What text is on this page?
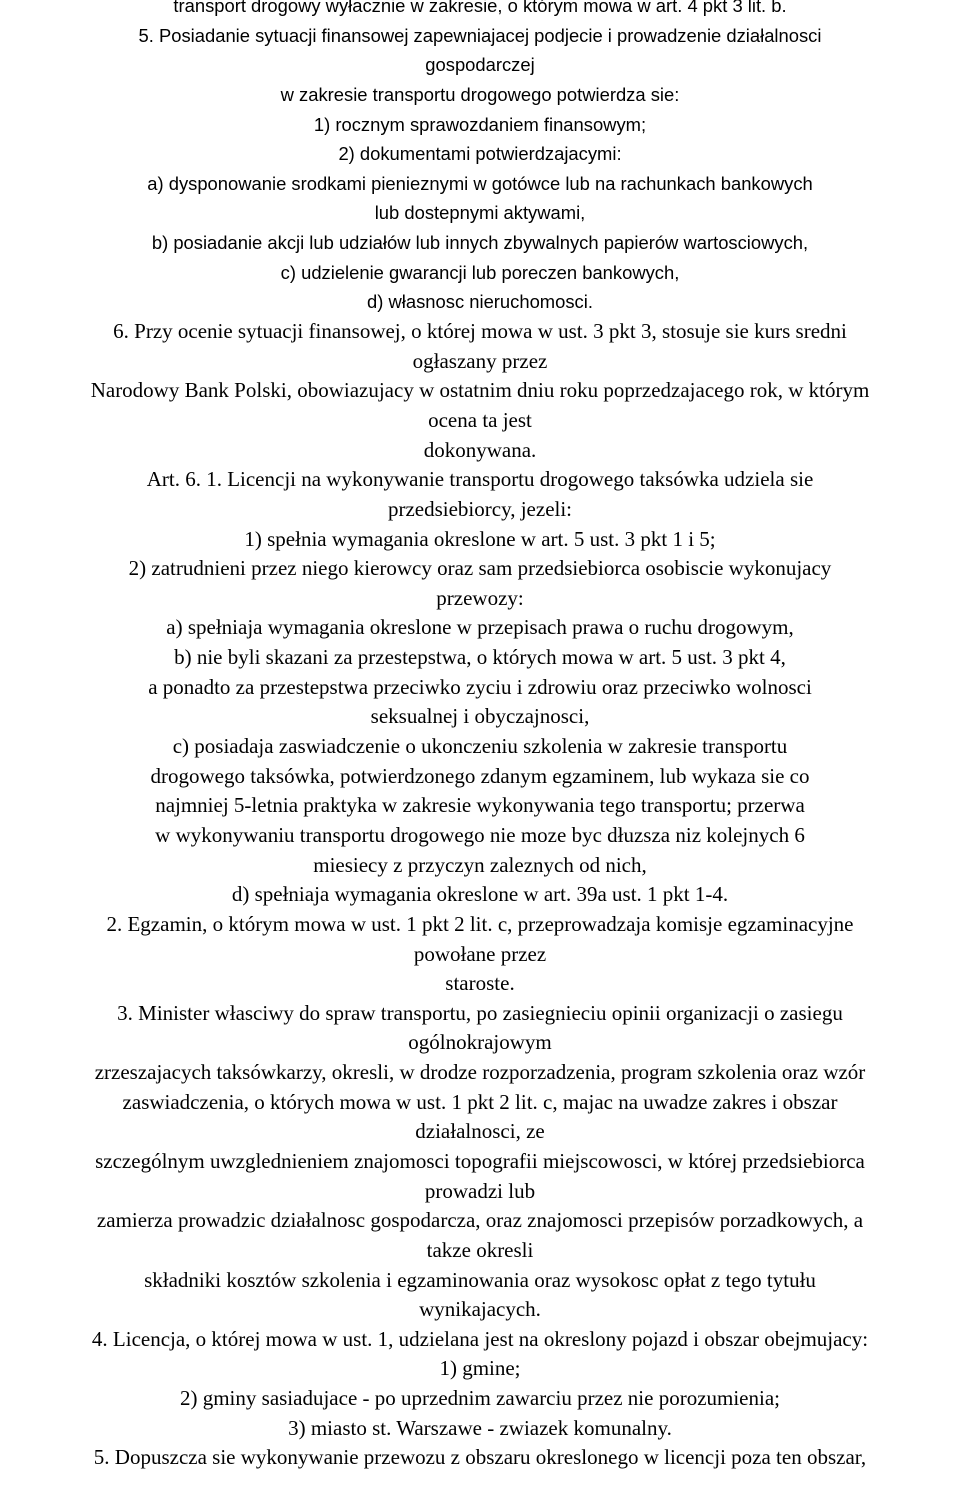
transport drogowy wyłacznie w zakresie, o którym mowa w art. 4 pkt 3 lit. b.
5. Posiadanie sytuacji finansowej zapewniajacej podjecie i prowadzenie działalnosci
gospodarczej
w zakresie transportu drogowego potwierdza sie:
1) rocznym sprawozdaniem finansowym;
2) dokumentami potwierdzajacymi:
a) dysponowanie srodkami pienieznymi w gotówce lub na rachunkach bankowych
lub dostepnymi aktywami,
b) posiadanie akcji lub udziałów lub innych zbywalnych papierów wartosciowych,
c) udzielenie gwarancji lub poreczen bankowych,
d) własnosc nieruchomosci.
6. Przy ocenie sytuacji finansowej, o której mowa w ust. 3 pkt 3, stosuje sie kurs sredni
ogłaszany przez
Narodowy Bank Polski, obowiazujacy w ostatnim dniu roku poprzedzajacego rok, w którym
ocena ta jest
dokonywana.
Art. 6. 1. Licencji na wykonywanie transportu drogowego taksówka udziela sie
przedsiebiorcy, jezeli:
1) spełnia wymagania okreslone w art. 5 ust. 3 pkt 1 i 5;
2) zatrudnieni przez niego kierowcy oraz sam przedsiebiorca osobiscie wykonujacy
przewozy:
a) spełniaja wymagania okreslone w przepisach prawa o ruchu drogowym,
b) nie byli skazani za przestepstwa, o których mowa w art. 5 ust. 3 pkt 4,
a ponadto za przestepstwa przeciwko zyciu i zdrowiu oraz przeciwko wolnosci
seksualnej i obyczajnosci,
c) posiadaja zaswiadczenie o ukonczeniu szkolenia w zakresie transportu
drogowego taksówka, potwierdzonego zdanym egzaminem, lub wykaza sie co
najmniej 5-letnia praktyka w zakresie wykonywania tego transportu; przerwa
w wykonywaniu transportu drogowego nie moze byc dłuzsza niz kolejnych 6
miesiecy z przyczyn zaleznych od nich,
d) spełniaja wymagania okreslone w art. 39a ust. 1 pkt 1-4.
2. Egzamin, o którym mowa w ust. 1 pkt 2 lit. c, przeprowadzaja komisje egzaminacyjne
powołane przez
staroste.
3. Minister własciwy do spraw transportu, po zasiegnieciu opinii organizacji o zasiegu
ogólnokrajowym
zrzeszajacych taksówkarzy, okresli, w drodze rozporzadzenia, program szkolenia oraz wzór
zaswiadczenia, o których mowa w ust. 1 pkt 2 lit. c, majac na uwadze zakres i obszar
działalnosci, ze
szczególnym uwzglednieniem znajomosci topografii miejscowosci, w której przedsiebiorca
prowadzi lub
zamierza prowadzic działalnosc gospodarcza, oraz znajomosci przepisów porzadkowych, a
takze okresli
składniki kosztów szkolenia i egzaminowania oraz wysokosc opłat z tego tytułu
wynikajacych.
4. Licencja, o której mowa w ust. 1, udzielana jest na okreslony pojazd i obszar obejmujacy:
1) gmine;
2) gminy sasiadujace - po uprzednim zawarciu przez nie porozumienia;
3) miasto st. Warszawe - zwiazek komunalny.
5. Dopuszcza sie wykonywanie przewozu z obszaru okreslonego w licencji poza ten obszar,
